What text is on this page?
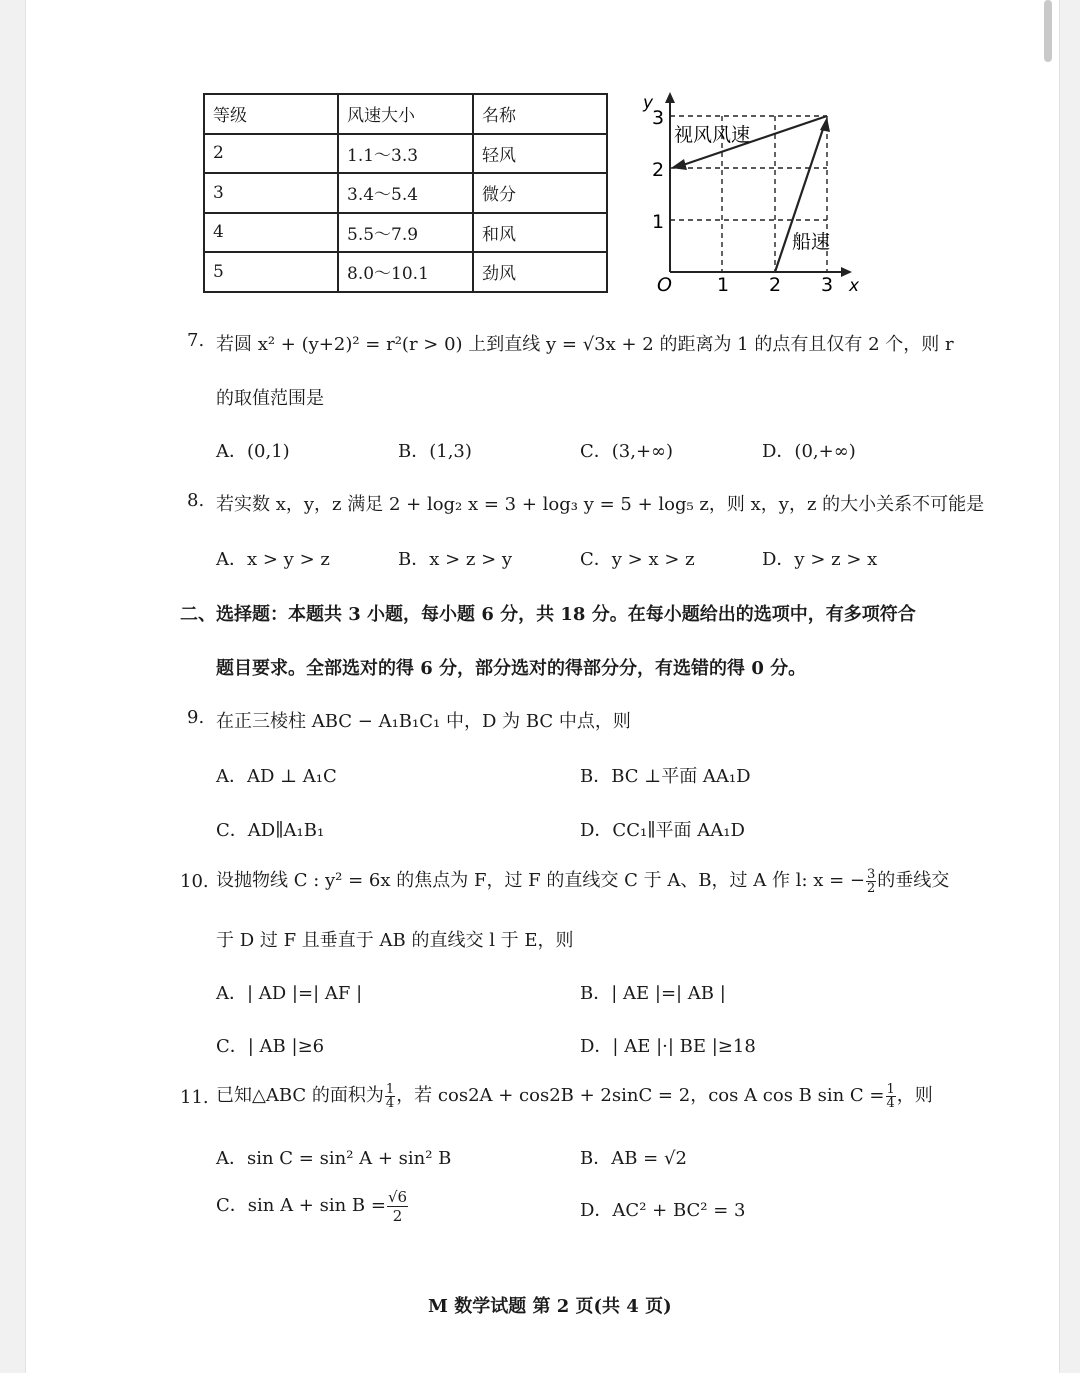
等级	风速大小	名称
2	1.1～3.3	轻风
3	3.4～5.4	微分
4	5.5～7.9	和风
5	8.0～10.1	劲风
y
x
O 1 2 3
1
2
3
视风风速
船速
7. 若圆 x² + (y+2)² = r²(r > 0) 上到直线 y = √3x + 2 的距离为 1 的点有且仅有 2 个，则 r
的取值范围是
A．(0,1)	B．(1,3)	C．(3,+∞)	D．(0,+∞)
8. 若实数 x，y，z 满足 2 + log₂ x = 3 + log₃ y = 5 + log₅ z，则 x，y，z 的大小关系不可能是
A．x > y > z	B．x > z > y	C．y > x > z	D．y > z > x
二、选择题：本题共 3 小题，每小题 6 分，共 18 分。在每小题给出的选项中，有多项符合
题目要求。全部选对的得 6 分，部分选对的得部分分，有选错的得 0 分。
9. 在正三棱柱 ABC − A₁B₁C₁ 中，D 为 BC 中点，则
A．AD ⊥ A₁C	B．BC ⊥平面 AA₁D
C．AD∥A₁B₁	D．CC₁∥平面 AA₁D
10. 设抛物线 C : y² = 6x 的焦点为 F，过 F 的直线交 C 于 A、B，过 A 作 l: x = − $\frac{3}{2}$ 的垂线交
于 D 过 F 且垂直于 AB 的直线交 l 于 E，则
A．| AD |=| AF |	B．| AE |=| AB |
C．| AB |≥6	D．| AE |·| BE |≥18
11. 已知△ABC 的面积为 $\frac{1}{4}$ ，若 cos2A + cos2B + 2sinC = 2，cos A cos B $\sin C = \frac{1}{4}$ ，则
A．sin C = sin² A + sin² B	B．AB = √2
C．$\sin A + \sin B = \frac{√6}{2}$	D．AC² + BC² = 3
M 数学试题 第 2 页(共 4 页)
